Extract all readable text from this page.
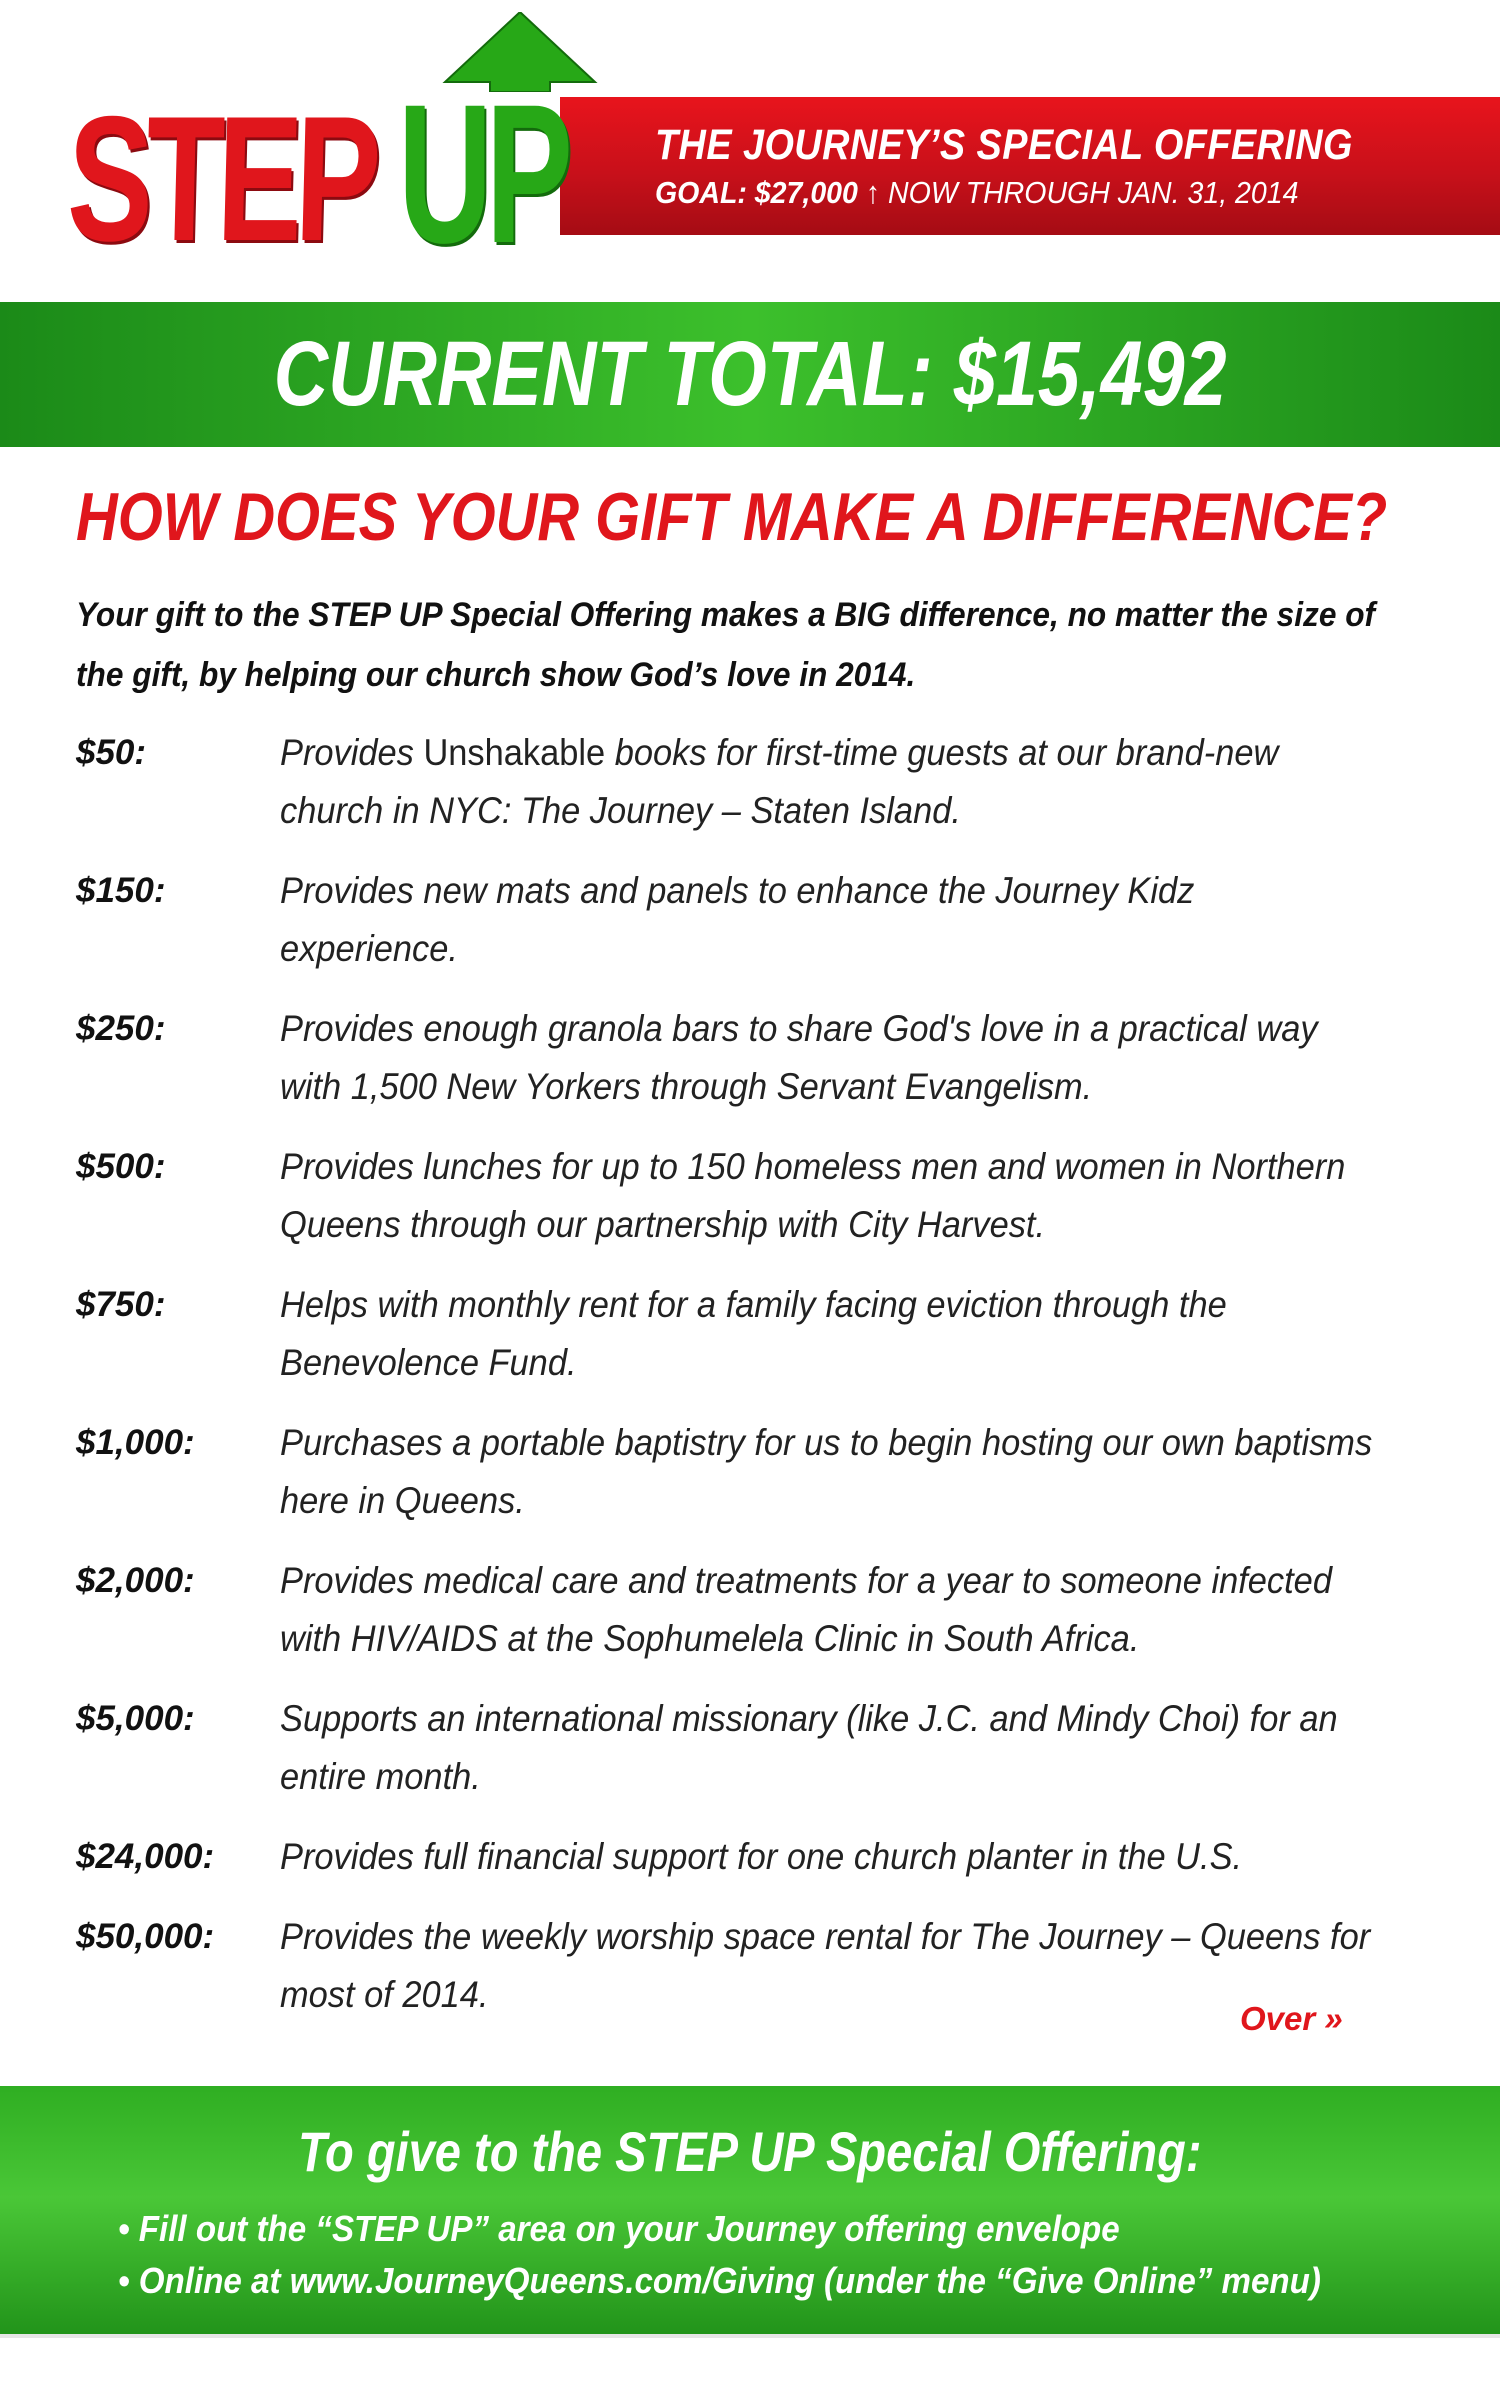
THE JOURNEY’S SPECIAL OFFERING
GOAL: $27,000 ↑ NOW THROUGH JAN. 31, 2014
STEP UP
CURRENT TOTAL: $15,492
HOW DOES YOUR GIFT MAKE A DIFFERENCE?
Your gift to the STEP UP Special Offering makes a BIG difference, no matter the size of the gift, by helping our church show God’s love in 2014.
$50:	Provides Unshakable books for first-time guests at our brand-new church in NYC: The Journey – Staten Island.
$150:	Provides new mats and panels to enhance the Journey Kidz experience.
$250:	Provides enough granola bars to share God's love in a practical way with 1,500 New Yorkers through Servant Evangelism.
$500:	Provides lunches for up to 150 homeless men and women in Northern Queens through our partnership with City Harvest.
$750:	Helps with monthly rent for a family facing eviction through the Benevolence Fund.
$1,000:	Purchases a portable baptistry for us to begin hosting our own baptisms here in Queens.
$2,000:	Provides medical care and treatments for a year to someone infected with HIV/AIDS at the Sophumelela Clinic in South Africa.
$5,000:	Supports an international missionary (like J.C. and Mindy Choi) for an entire month.
$24,000:	Provides full financial support for one church planter in the U.S.
$50,000:	Provides the weekly worship space rental for The Journey – Queens for most of 2014.
Over »
To give to the STEP UP Special Offering:
• Fill out the “STEP UP” area on your Journey offering envelope
• Online at www.JourneyQueens.com/Giving (under the “Give Online” menu)
